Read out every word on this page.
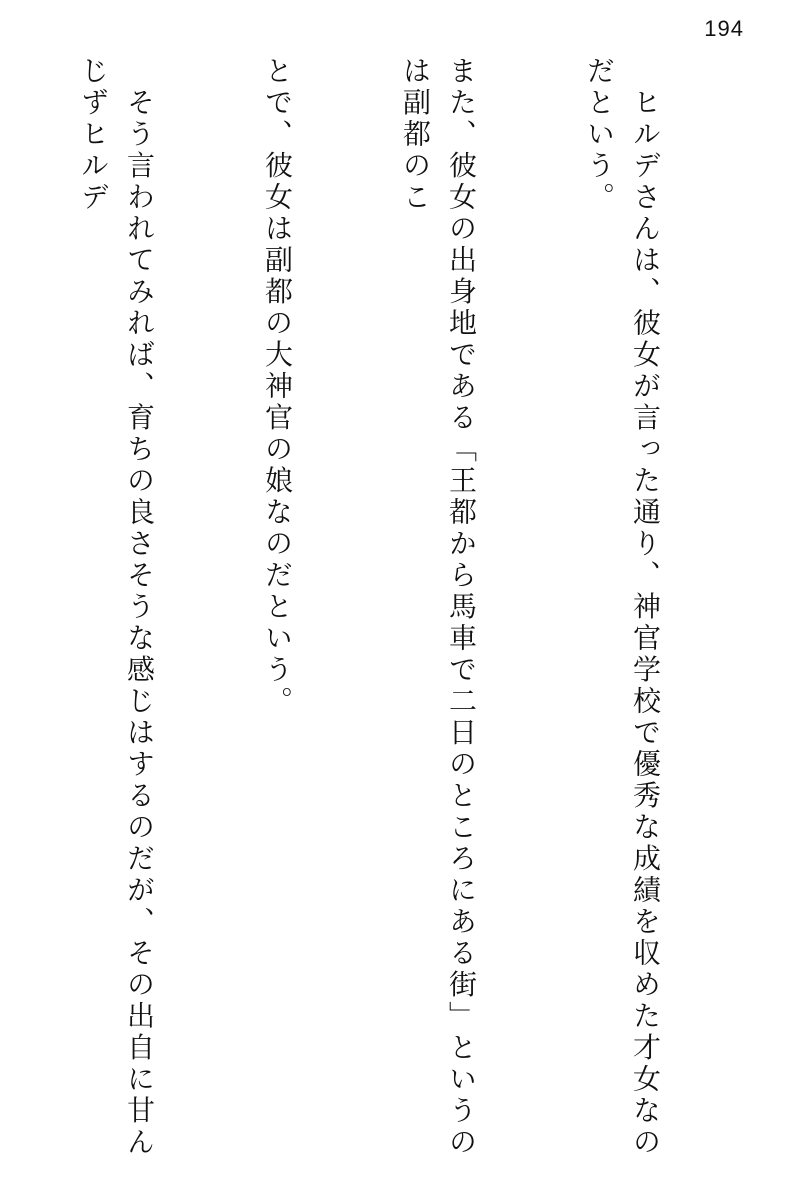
194

　ヒルデさんは、彼女が言った通り、神官学校で優秀な成績を収めた才女なのだという。

また、彼女の出身地である「王都から馬車で二日のところにある街」というのは副都のこ

とで、彼女は副都の大神官の娘なのだという。

　そう言われてみれば、育ちの良さそうな感じはするのだが、その出自に甘んじずヒルデ
